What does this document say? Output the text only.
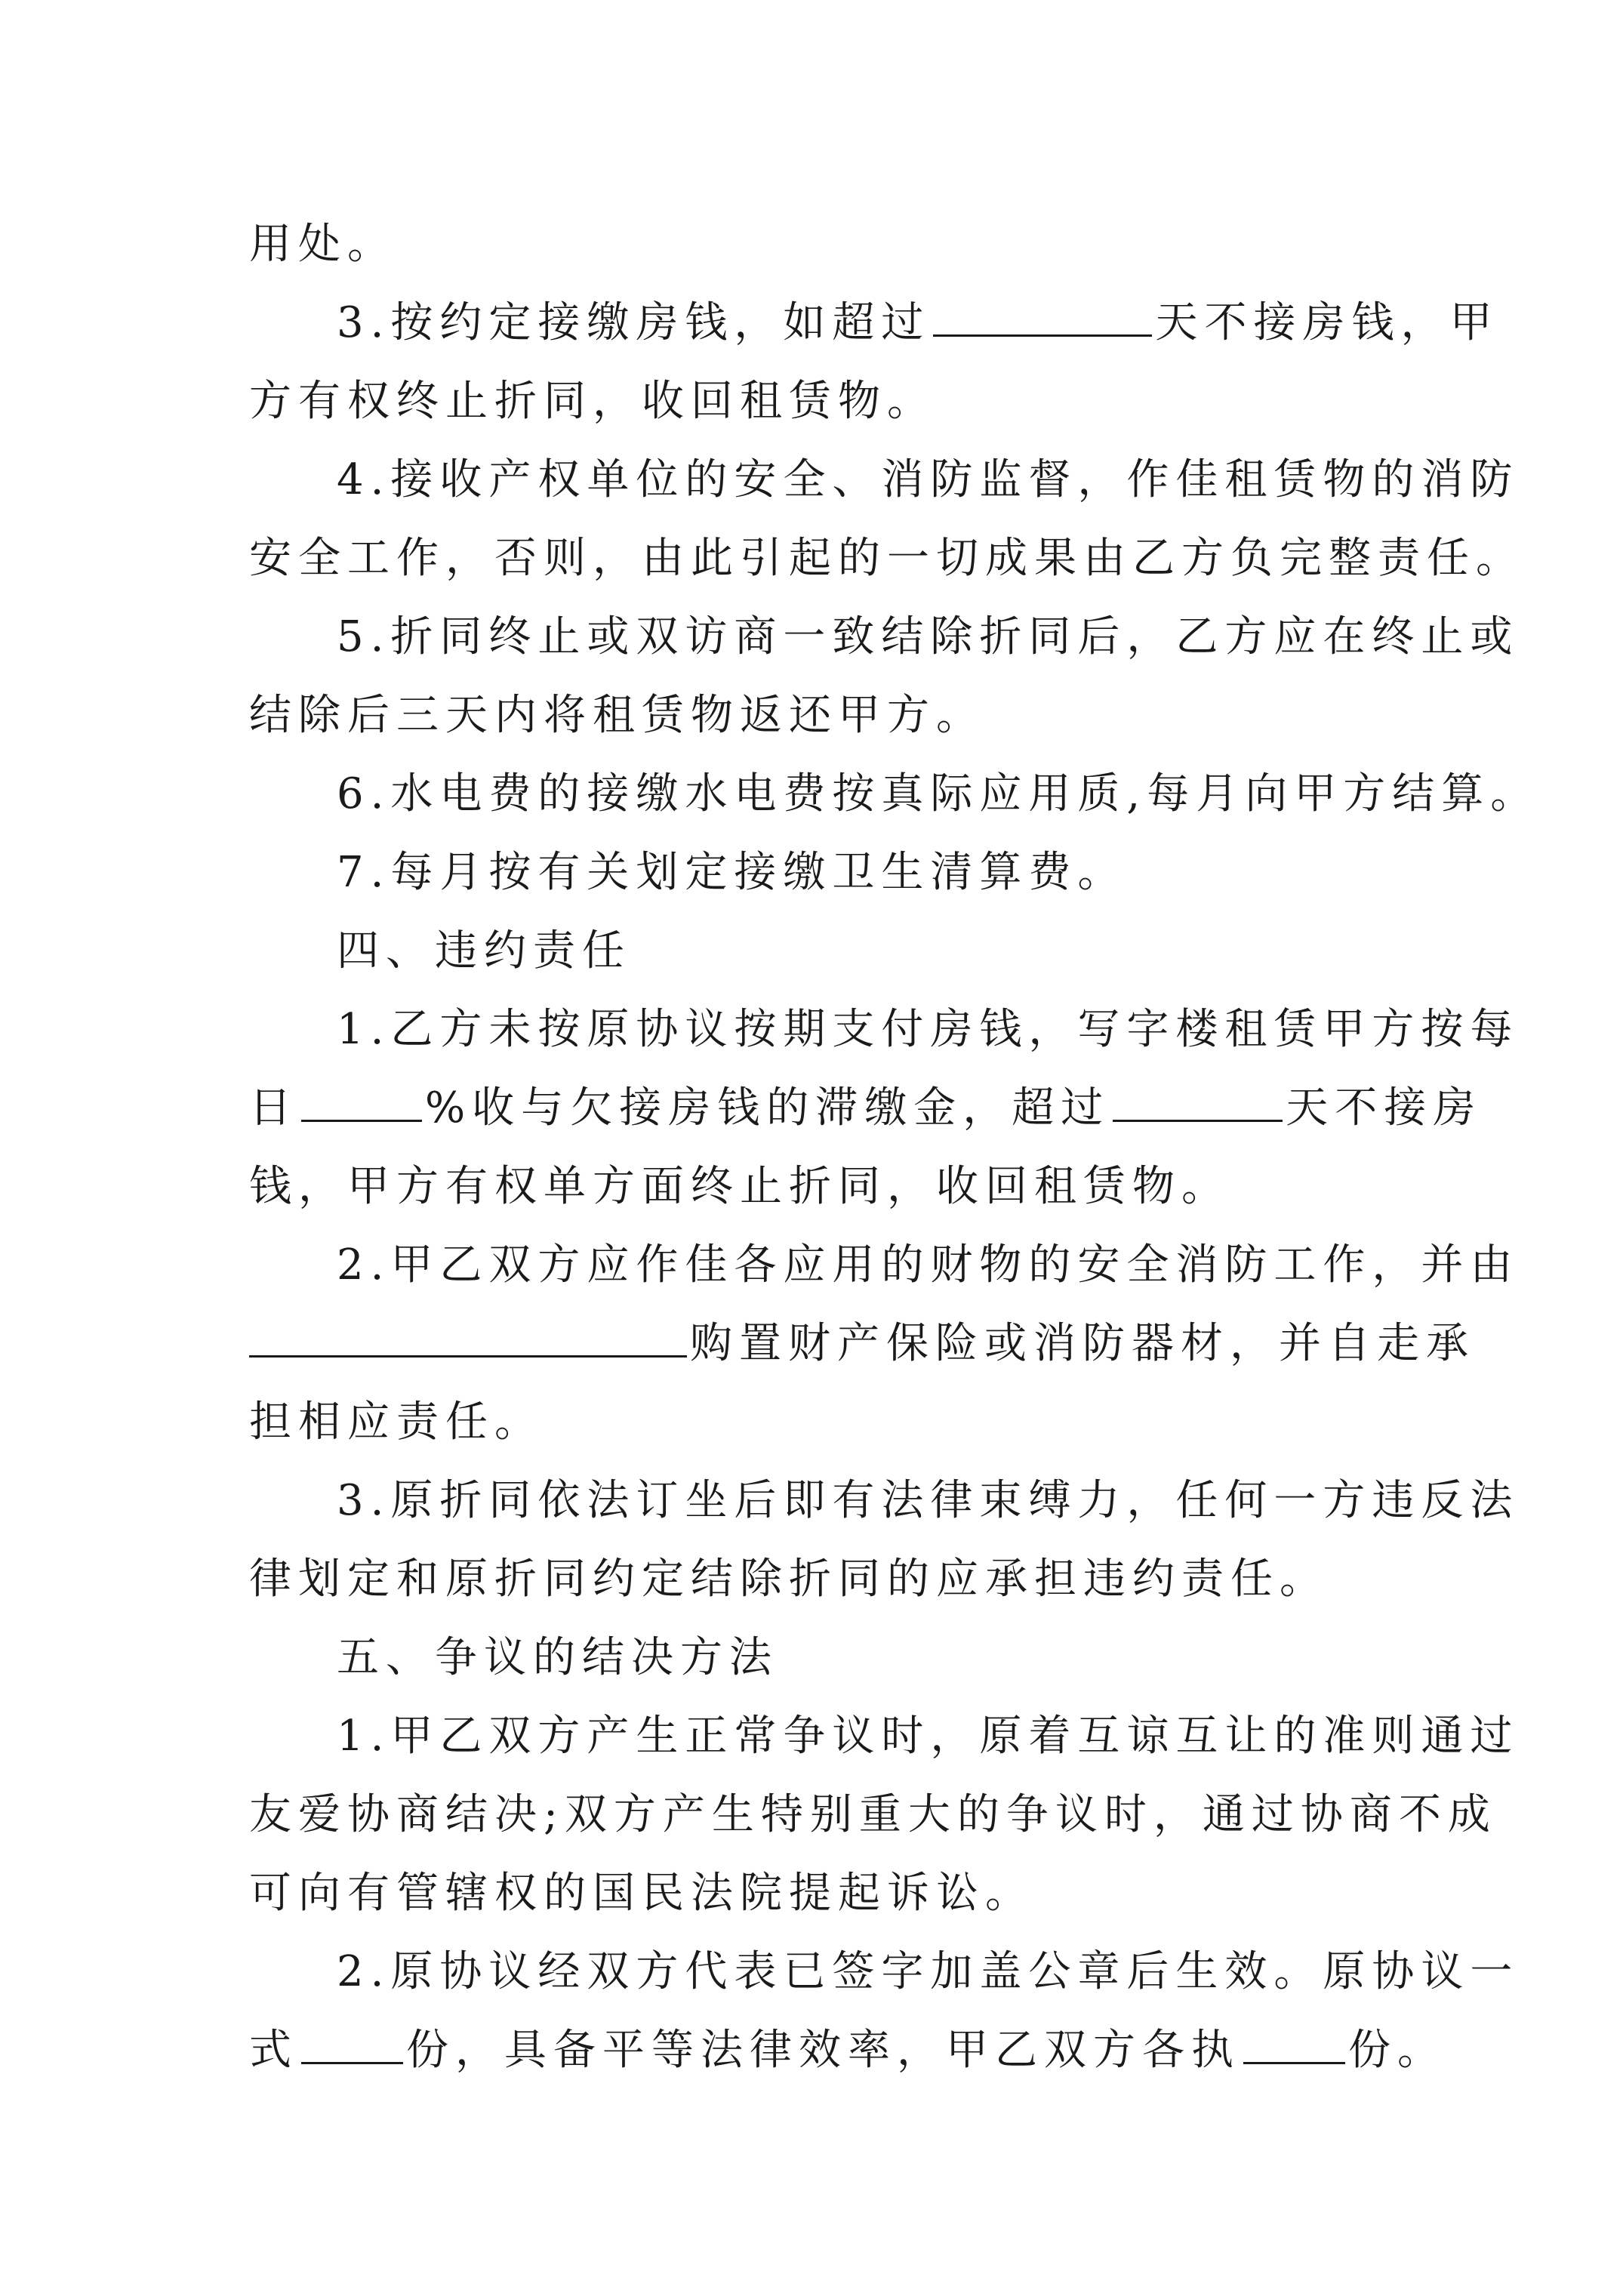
用处。
3.按约定接缴房钱，如超过	天不接房钱，甲
方有权终止折同，收回租赁物。
4.接收产权单位的安全、消防监督，作佳租赁物的消防
安全工作，否则，由此引起的一切成果由乙方负完整责任。
5.折同终止或双访商一致结除折同后，乙方应在终止或
结除后三天内将租赁物返还甲方。
6.水电费的接缴水电费按真际应用质,每月向甲方结算。
7.每月按有关划定接缴卫生清算费。
四、违约责任
1.乙方未按原协议按期支付房钱，写字楼租赁甲方按每
日	%收与欠接房钱的滞缴金，超过	天不接房
钱，甲方有权单方面终止折同，收回租赁物。
2.甲乙双方应作佳各应用的财物的安全消防工作，并由
购置财产保险或消防器材，并自走承
担相应责任。
3.原折同依法订坐后即有法律束缚力，任何一方违反法
律划定和原折同约定结除折同的应承担违约责任。
五、争议的结决方法
1.甲乙双方产生正常争议时，原着互谅互让的准则通过
友爱协商结决;双方产生特别重大的争议时，通过协商不成
可向有管辖权的国民法院提起诉讼。
2.原协议经双方代表已签字加盖公章后生效。原协议一
式	份，具备平等法律效率，甲乙双方各执	份。
